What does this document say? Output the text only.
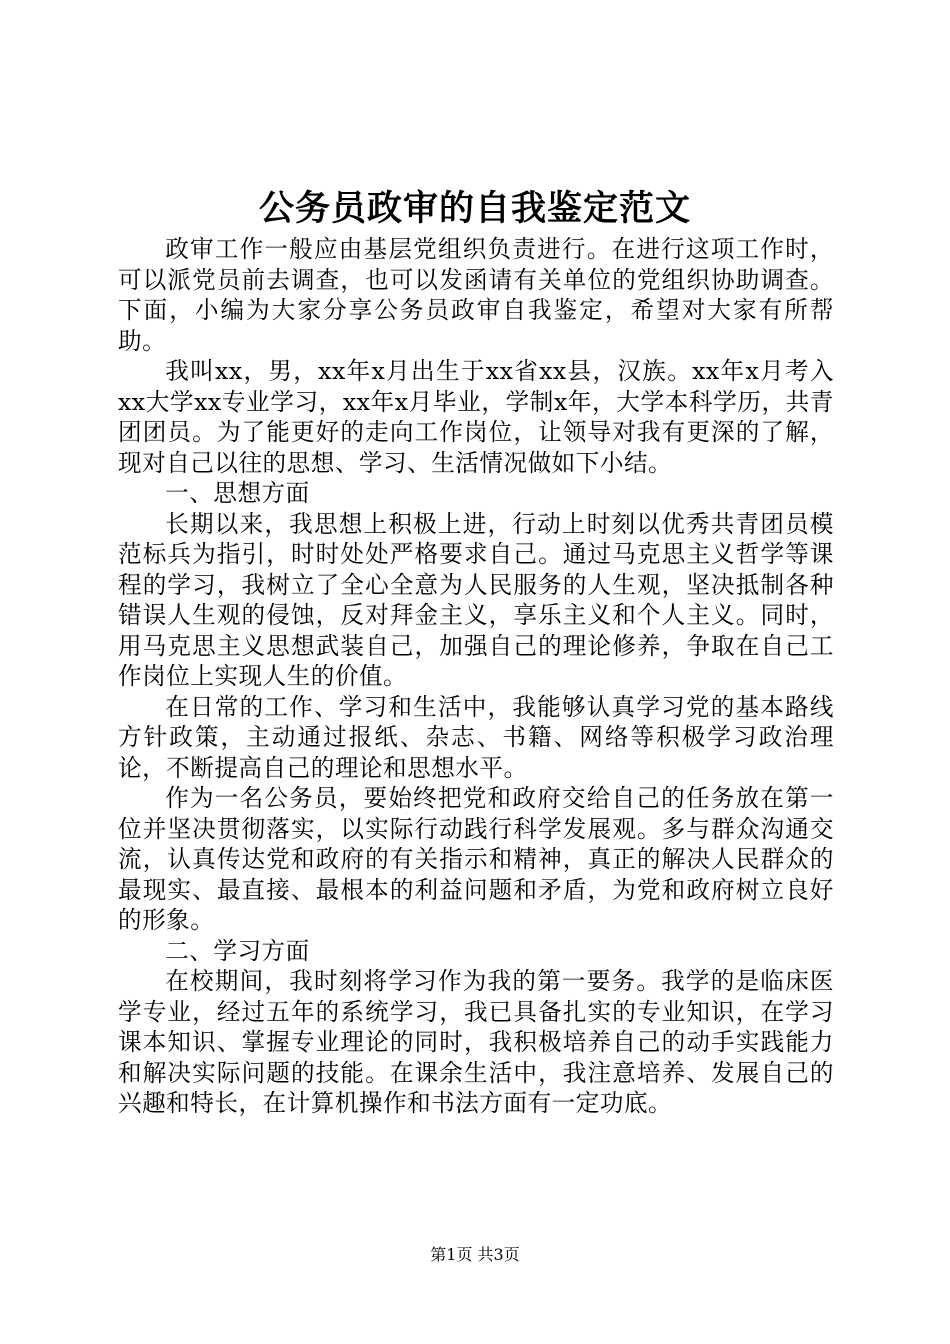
公务员政审的自我鉴定范文

政审工作一般应由基层党组织负责进行。在进行这项工作时，可以派党员前去调查，也可以发函请有关单位的党组织协助调查。下面，小编为大家分享公务员政审自我鉴定，希望对大家有所帮助。

我叫xx，男，xx年x月出生于xx省xx县，汉族。xx年x月考入xx大学xx专业学习，xx年x月毕业，学制x年，大学本科学历，共青团团员。为了能更好的走向工作岗位，让领导对我有更深的了解，现对自己以往的思想、学习、生活情况做如下小结。

一、思想方面

长期以来，我思想上积极上进，行动上时刻以优秀共青团员模范标兵为指引，时时处处严格要求自己。通过马克思主义哲学等课程的学习，我树立了全心全意为人民服务的人生观，坚决抵制各种错误人生观的侵蚀，反对拜金主义，享乐主义和个人主义。同时，用马克思主义思想武装自己，加强自己的理论修养，争取在自己工作岗位上实现人生的价值。

在日常的工作、学习和生活中，我能够认真学习党的基本路线方针政策，主动通过报纸、杂志、书籍、网络等积极学习政治理论，不断提高自己的理论和思想水平。

作为一名公务员，要始终把党和政府交给自己的任务放在第一位并坚决贯彻落实，以实际行动践行科学发展观。多与群众沟通交流，认真传达党和政府的有关指示和精神，真正的解决人民群众的最现实、最直接、最根本的利益问题和矛盾，为党和政府树立良好的形象。

二、学习方面

在校期间，我时刻将学习作为我的第一要务。我学的是临床医学专业，经过五年的系统学习，我已具备扎实的专业知识，在学习课本知识、掌握专业理论的同时，我积极培养自己的动手实践能力和解决实际问题的技能。在课余生活中，我注意培养、发展自己的兴趣和特长，在计算机操作和书法方面有一定功底。

第1页 共3页
